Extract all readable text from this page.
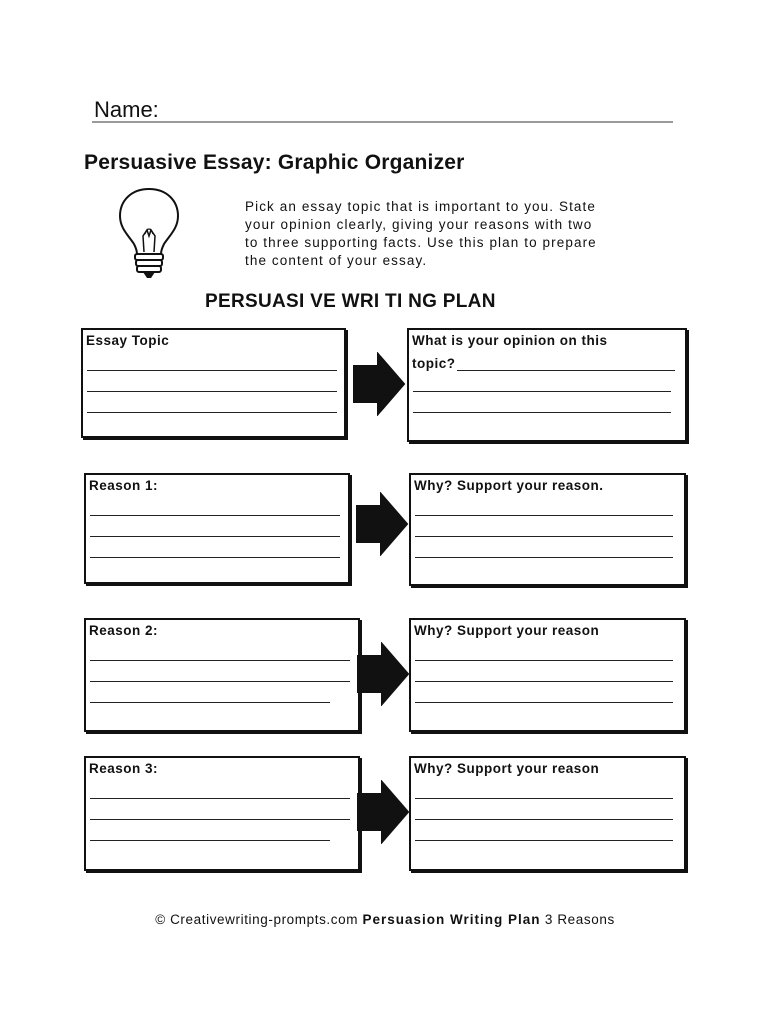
Name:
Persuasive Essay: Graphic Organizer
Pick an essay topic that is important to you. State
your opinion clearly, giving your reasons with two
to three supporting facts. Use this plan to prepare
the content of your essay.
PERSUASI VE WRI TI NG PLAN
Essay Topic	What is your opinion on this
topic?
Reason 1:	Why? Support your reason.
Reason 2:	Why? Support your reason
Reason 3:	Why? Support your reason
© Creativewriting-prompts.com Persuasion Writing Plan 3 Reasons
